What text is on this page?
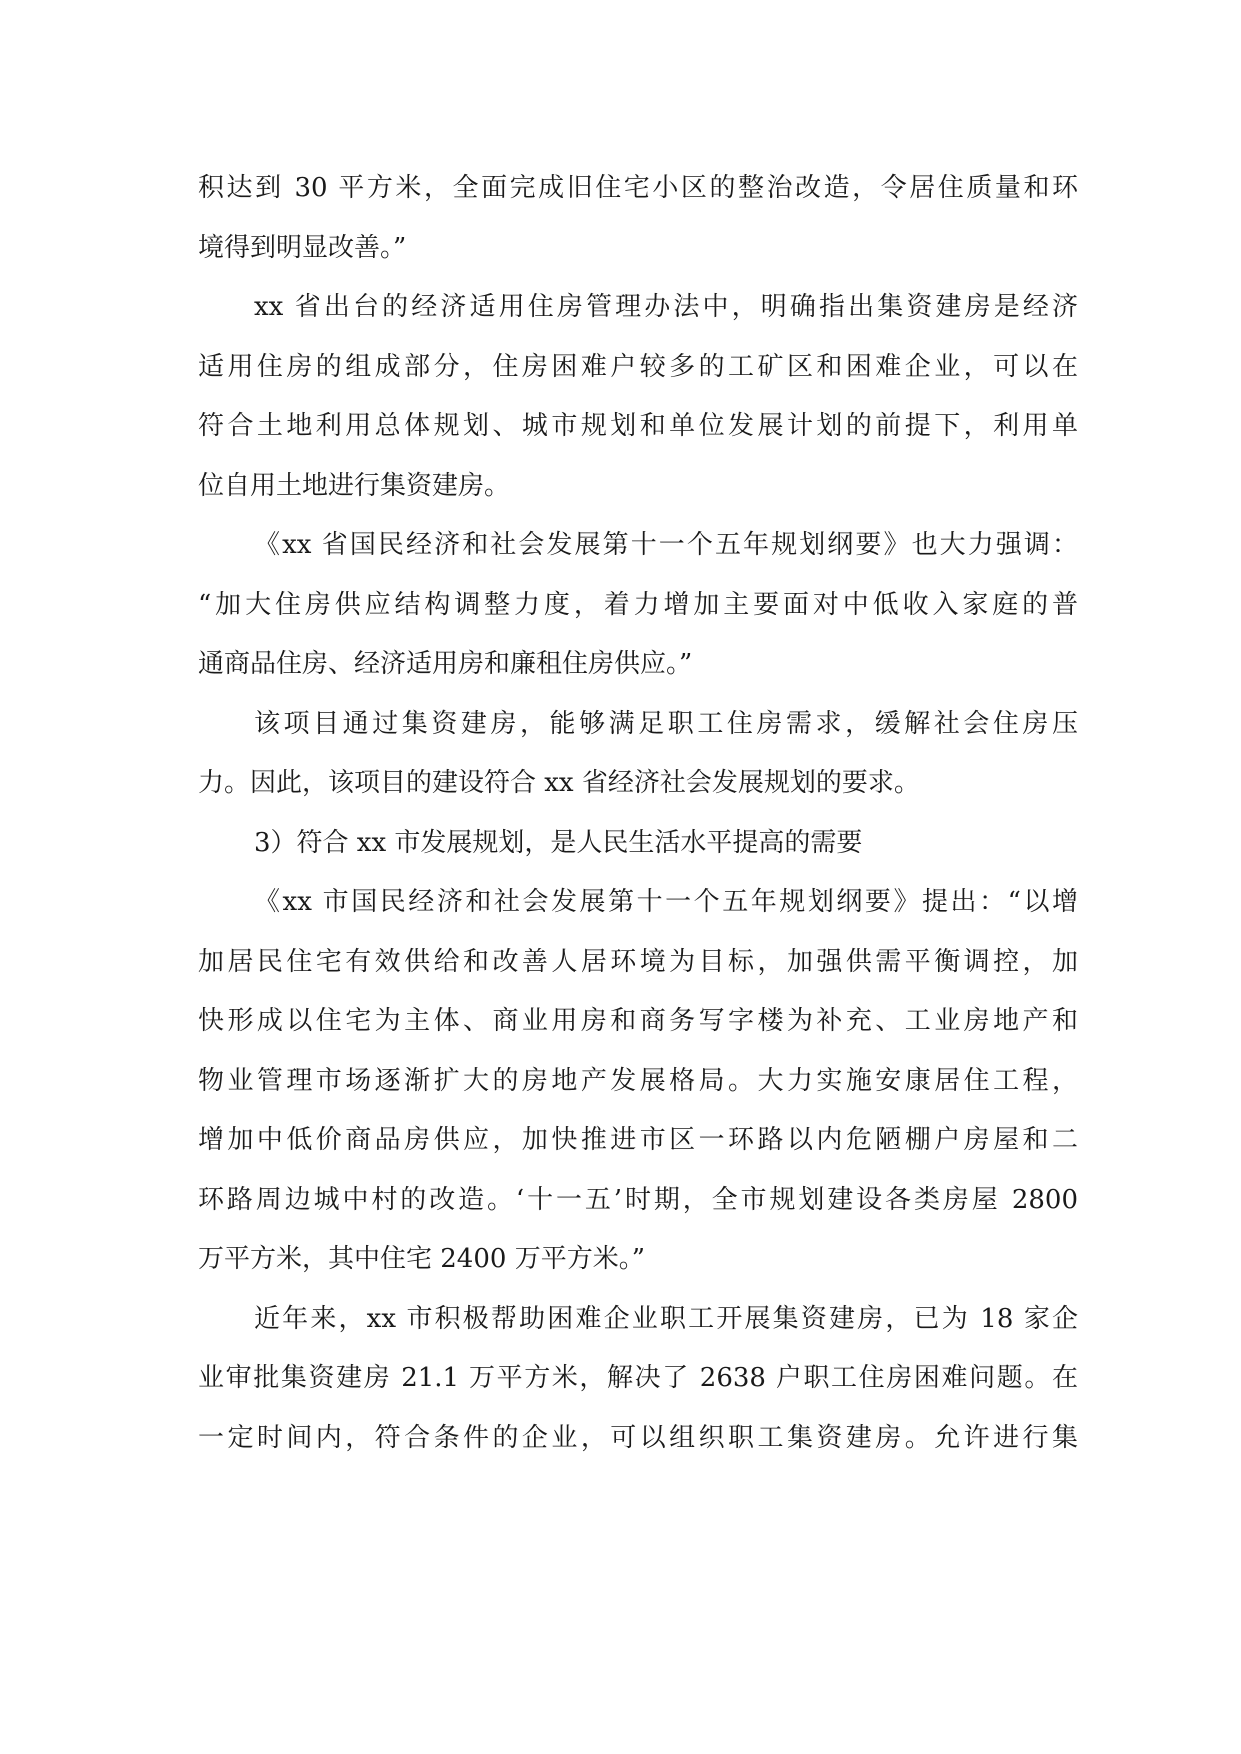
积达到 30 平方米，全面完成旧住宅小区的整治改造，令居住质量和环
境得到明显改善。”
xx 省出台的经济适用住房管理办法中，明确指出集资建房是经济
适用住房的组成部分，住房困难户较多的工矿区和困难企业，可以在
符合土地利用总体规划、城市规划和单位发展计划的前提下，利用单
位自用土地进行集资建房。
《xx 省国民经济和社会发展第十一个五年规划纲要》也大力强调：
“加大住房供应结构调整力度，着力增加主要面对中低收入家庭的普
通商品住房、经济适用房和廉租住房供应。”
该项目通过集资建房，能够满足职工住房需求，缓解社会住房压
力。因此，该项目的建设符合 xx 省经济社会发展规划的要求。
3）符合 xx 市发展规划，是人民生活水平提高的需要
《xx 市国民经济和社会发展第十一个五年规划纲要》提出：“以增
加居民住宅有效供给和改善人居环境为目标，加强供需平衡调控，加
快形成以住宅为主体、商业用房和商务写字楼为补充、工业房地产和
物业管理市场逐渐扩大的房地产发展格局。大力实施安康居住工程，
增加中低价商品房供应，加快推进市区一环路以内危陋棚户房屋和二
环路周边城中村的改造。‘十一五’时期，全市规划建设各类房屋 2800
万平方米，其中住宅 2400 万平方米。”
近年来，xx 市积极帮助困难企业职工开展集资建房，已为 18 家企
业审批集资建房 21.1 万平方米，解决了 2638 户职工住房困难问题。在
一定时间内，符合条件的企业，可以组织职工集资建房。允许进行集
